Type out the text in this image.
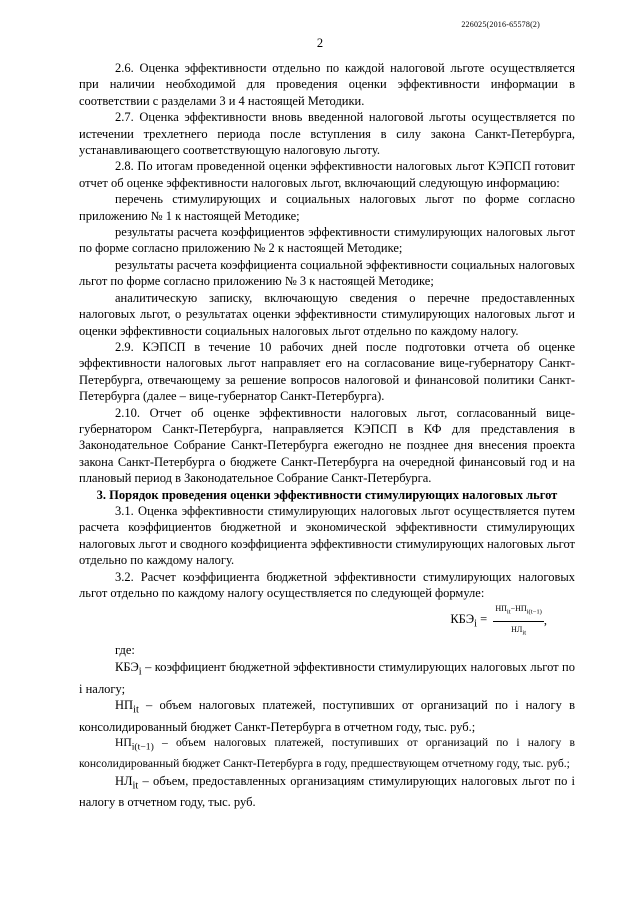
226025(2016-65578(2)
2

2.6. Оценка эффективности отдельно по каждой налоговой льготе осуществляется при наличии необходимой для проведения оценки эффективности информации в соответствии с разделами 3 и 4 настоящей Методики.

2.7. Оценка эффективности вновь введенной налоговой льготы осуществляется по истечении трехлетнего периода после вступления в силу закона Санкт-Петербурга, устанавливающего соответствующую налоговую льготу.

2.8. По итогам проведенной оценки эффективности налоговых льгот КЭПСП готовит отчет об оценке эффективности налоговых льгот, включающий следующую информацию:

перечень стимулирующих и социальных налоговых льгот по форме согласно приложению № 1 к настоящей Методике;

результаты расчета коэффициентов эффективности стимулирующих налоговых льгот по форме согласно приложению № 2 к настоящей Методике;

результаты расчета коэффициента социальной эффективности социальных налоговых льгот по форме согласно приложению № 3 к настоящей Методике;

аналитическую записку, включающую сведения о перечне предоставленных налоговых льгот, о результатах оценки эффективности стимулирующих налоговых льгот и оценки эффективности социальных налоговых льгот отдельно по каждому налогу.

2.9. КЭПСП в течение 10 рабочих дней после подготовки отчета об оценке эффективности налоговых льгот направляет его на согласование вице-губернатору Санкт-Петербурга, отвечающему за решение вопросов налоговой и финансовой политики Санкт-Петербурга (далее – вице-губернатор Санкт-Петербурга).

2.10. Отчет об оценке эффективности налоговых льгот, согласованный вице-губернатором Санкт-Петербурга, направляется КЭПСП в КФ для представления в Законодательное Собрание Санкт-Петербурга ежегодно не позднее дня внесения проекта закона Санкт-Петербурга о бюджете Санкт-Петербурга на очередной финансовый год и на плановый период в Законодательное Собрание Санкт-Петербурга.

3. Порядок проведения оценки эффективности стимулирующих налоговых льгот

3.1. Оценка эффективности стимулирующих налоговых льгот осуществляется путем расчета коэффициентов бюджетной и экономической эффективности стимулирующих налоговых льгот и сводного коэффициента эффективности стимулирующих налоговых льгот отдельно по каждому налогу.

3.2. Расчет коэффициента бюджетной эффективности стимулирующих налоговых льгот отдельно по каждому налогу осуществляется по следующей формуле:

$КБЭ_i = \frac{НП_{it}-НП_{i(t-1)}}{НЛ_{it}}$ ,

где:

$КБЭ_i$ – коэффициент бюджетной эффективности стимулирующих налоговых льгот по i налогу;

$НП_{it}$ – объем налоговых платежей, поступивших от организаций по i налогу в консолидированный бюджет Санкт-Петербурга в отчетном году, тыс. руб.;

$НП_{i(t-1)}$ – объем налоговых платежей, поступивших от организаций по i налогу в консолидированный бюджет Санкт-Петербурга в году, предшествующем отчетному году, тыс. руб.;

$НЛ_{it}$ – объем, предоставленных организациям стимулирующих налоговых льгот по i налогу в отчетном году, тыс. руб.
